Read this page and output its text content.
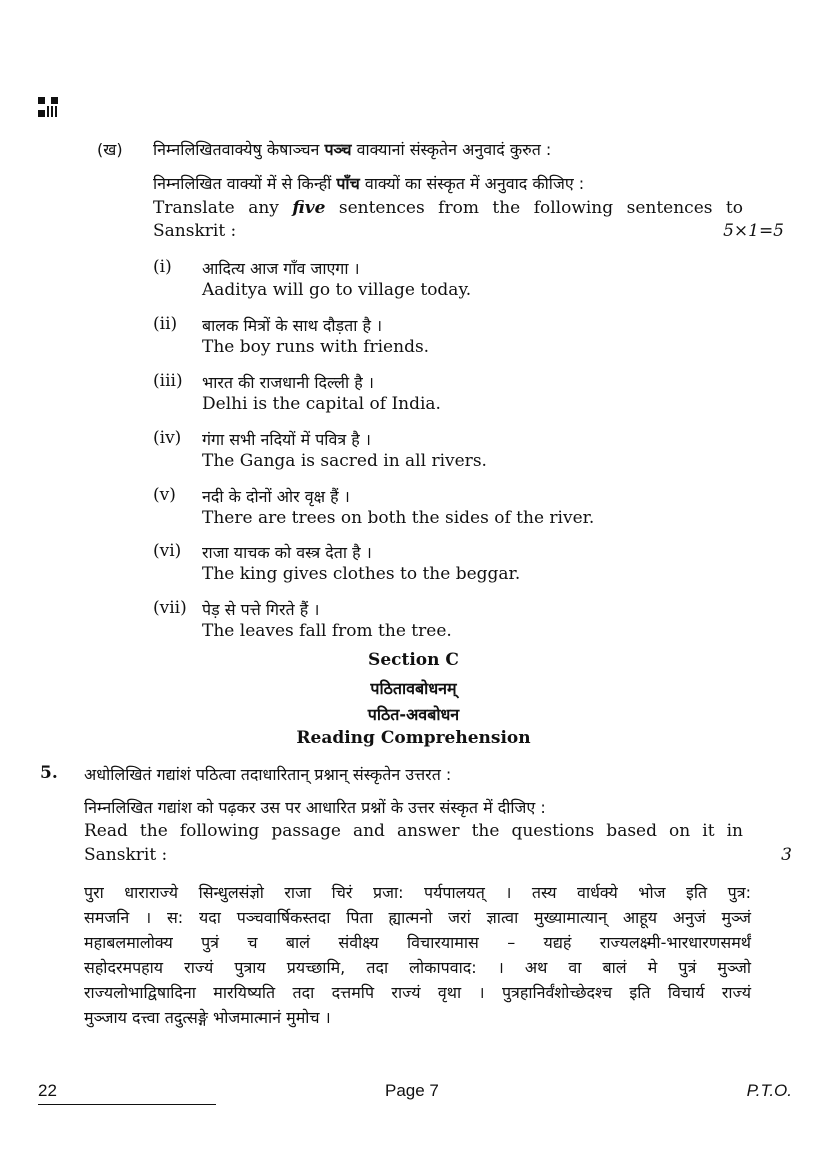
(ख) निम्नलिखितवाक्येषु केषाञ्चन पञ्च वाक्यानां संस्कृतेन अनुवादं कुरुत :
निम्नलिखित वाक्यों में से किन्हीं पाँच वाक्यों का संस्कृत में अनुवाद कीजिए :
Translate any five sentences from the following sentences to
Sanskrit :	5×1=5
(i) आदित्य आज गाँव जाएगा ।
Aaditya will go to village today.
(ii) बालक मित्रों के साथ दौड़ता है ।
The boy runs with friends.
(iii) भारत की राजधानी दिल्ली है ।
Delhi is the capital of India.
(iv) गंगा सभी नदियों में पवित्र है ।
The Ganga is sacred in all rivers.
(v) नदी के दोनों ओर वृक्ष हैं ।
There are trees on both the sides of the river.
(vi) राजा याचक को वस्त्र देता है ।
The king gives clothes to the beggar.
(vii) पेड़ से पत्ते गिरते हैं ।
The leaves fall from the tree.
Section C
पठितावबोधनम्
पठित-अवबोधन
Reading Comprehension
5. अधोलिखितं गद्यांशं पठित्वा तदाधारितान् प्रश्नान् संस्कृतेन उत्तरत :
निम्नलिखित गद्यांश को पढ़कर उस पर आधारित प्रश्नों के उत्तर संस्कृत में दीजिए :
Read the following passage and answer the questions based on it in
Sanskrit :	3
पुरा धाराराज्ये सिन्धुलसंज्ञो राजा चिरं प्रजा: पर्यपालयत् । तस्य वार्धक्ये भोज इति पुत्र:
समजनि । स: यदा पञ्चवार्षिकस्तदा पिता ह्यात्मनो जरां ज्ञात्वा मुख्यामात्यान् आहूय अनुजं मुञ्जं
महाबलमालोक्य पुत्रं च बालं संवीक्ष्य विचारयामास – यद्यहं राज्यलक्ष्मी-भारधारणसमर्थं
सहोदरमपहाय राज्यं पुत्राय प्रयच्छामि, तदा लोकापवाद: । अथ वा बालं मे पुत्रं मुञ्जो
राज्यलोभाद्विषादिना मारयिष्यति तदा दत्तमपि राज्यं वृथा । पुत्रहानिर्वंशोच्छेदश्च इति विचार्य राज्यं
मुञ्जाय दत्त्वा तदुत्सङ्गे भोजमात्मानं मुमोच ।
22	Page 7	P.T.O.
